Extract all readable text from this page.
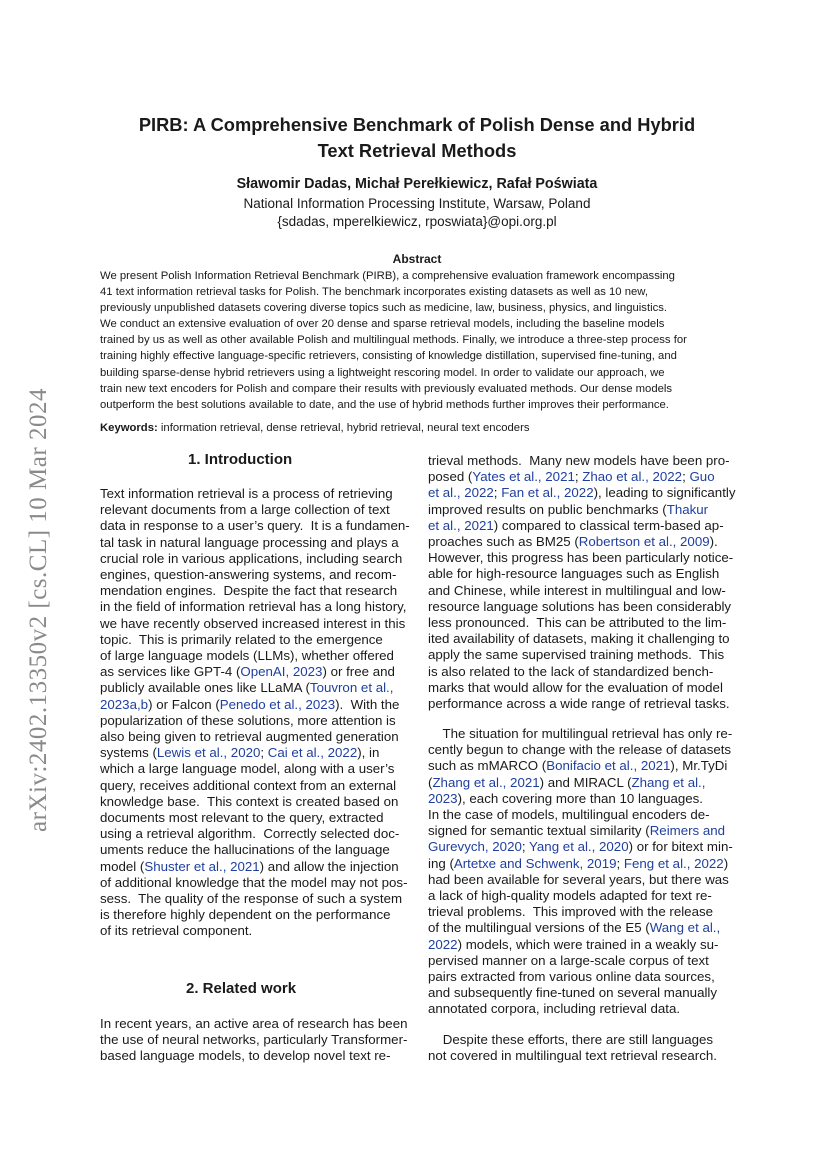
arXiv:2402.13350v2 [cs.CL] 10 Mar 2024
PIRB: A Comprehensive Benchmark of Polish Dense and Hybrid
Text Retrieval Methods
Sławomir Dadas, Michał Perełkiewicz, Rafał Poświata
National Information Processing Institute, Warsaw, Poland
{sdadas, mperelkiewicz, rposwiata}@opi.org.pl
Abstract
We present Polish Information Retrieval Benchmark (PIRB), a comprehensive evaluation framework encompassing
41 text information retrieval tasks for Polish. The benchmark incorporates existing datasets as well as 10 new,
previously unpublished datasets covering diverse topics such as medicine, law, business, physics, and linguistics.
We conduct an extensive evaluation of over 20 dense and sparse retrieval models, including the baseline models
trained by us as well as other available Polish and multilingual methods. Finally, we introduce a three-step process for
training highly effective language-specific retrievers, consisting of knowledge distillation, supervised fine-tuning, and
building sparse-dense hybrid retrievers using a lightweight rescoring model. In order to validate our approach, we
train new text encoders for Polish and compare their results with previously evaluated methods. Our dense models
outperform the best solutions available to date, and the use of hybrid methods further improves their performance.
Keywords: information retrieval, dense retrieval, hybrid retrieval, neural text encoders
1. Introduction
Text information retrieval is a process of retrieving
relevant documents from a large collection of text
data in response to a user’s query.  It is a fundamen-
tal task in natural language processing and plays a
crucial role in various applications, including search
engines, question-answering systems, and recom-
mendation engines.  Despite the fact that research
in the field of information retrieval has a long history,
we have recently observed increased interest in this
topic.  This is primarily related to the emergence
of large language models (LLMs), whether offered
as services like GPT-4 (OpenAI, 2023) or free and
publicly available ones like LLaMA (Touvron et al.,
2023a,b) or Falcon (Penedo et al., 2023).  With the
popularization of these solutions, more attention is
also being given to retrieval augmented generation
systems (Lewis et al., 2020; Cai et al., 2022), in
which a large language model, along with a user’s
query, receives additional context from an external
knowledge base.  This context is created based on
documents most relevant to the query, extracted
using a retrieval algorithm.  Correctly selected doc-
uments reduce the hallucinations of the language
model (Shuster et al., 2021) and allow the injection
of additional knowledge that the model may not pos-
sess.  The quality of the response of such a system
is therefore highly dependent on the performance
of its retrieval component.
2. Related work
In recent years, an active area of research has been
the use of neural networks, particularly Transformer-
based language models, to develop novel text re-
trieval methods.  Many new models have been pro-
posed (Yates et al., 2021; Zhao et al., 2022; Guo
et al., 2022; Fan et al., 2022), leading to significantly
improved results on public benchmarks (Thakur
et al., 2021) compared to classical term-based ap-
proaches such as BM25 (Robertson et al., 2009).
However, this progress has been particularly notice-
able for high-resource languages such as English
and Chinese, while interest in multilingual and low-
resource language solutions has been considerably
less pronounced.  This can be attributed to the lim-
ited availability of datasets, making it challenging to
apply the same supervised training methods.  This
is also related to the lack of standardized bench-
marks that would allow for the evaluation of model
performance across a wide range of retrieval tasks.
The situation for multilingual retrieval has only re-
cently begun to change with the release of datasets
such as mMARCO (Bonifacio et al., 2021), Mr.TyDi
(Zhang et al., 2021) and MIRACL (Zhang et al.,
2023), each covering more than 10 languages.
In the case of models, multilingual encoders de-
signed for semantic textual similarity (Reimers and
Gurevych, 2020; Yang et al., 2020) or for bitext min-
ing (Artetxe and Schwenk, 2019; Feng et al., 2022)
had been available for several years, but there was
a lack of high-quality models adapted for text re-
trieval problems.  This improved with the release
of the multilingual versions of the E5 (Wang et al.,
2022) models, which were trained in a weakly su-
pervised manner on a large-scale corpus of text
pairs extracted from various online data sources,
and subsequently fine-tuned on several manually
annotated corpora, including retrieval data.
Despite these efforts, there are still languages
not covered in multilingual text retrieval research.
